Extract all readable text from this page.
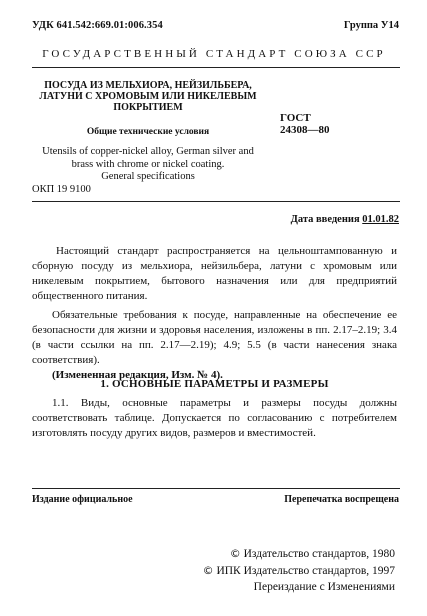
УДК 641.542:669.01:006.354	Группа У14
ГОСУДАРСТВЕННЫЙ СТАНДАРТ СОЮЗА ССР
ПОСУДА ИЗ МЕЛЬХИОРА, НЕЙЗИЛЬБЕРА,
ЛАТУНИ С ХРОМОВЫМ ИЛИ НИКЕЛЕВЫМ
ПОКРЫТИЕМ
ГОСТ
24308—80
Общие технические условия
Utensils of copper-nickel alloy, German silver and
brass with chrome or nickel coating.
General specifications
ОКП 19 9100
Дата введения 01.01.82

Настоящий стандарт распространяется на цельноштампованную и сборную посуду из мельхиора, нейзильбера, латуни с хромовым или никелевым покрытием, бытового назначения или для предприятий общественного питания.

Обязательные требования к посуде, направленные на обеспечение ее безопасности для жизни и здоровья населения, изложены в пп. 2.17–2.19; 3.4 (в части ссылки на пп. 2.17—2.19); 4.9; 5.5 (в части нанесения знака соответствия).

(Измененная редакция, Изм. № 4).

1. ОСНОВНЫЕ ПАРАМЕТРЫ И РАЗМЕРЫ

1.1. Виды, основные параметры и размеры посуды должны соответствовать таблице. Допускается по согласованию с потребителем изготовлять посуду других видов, размеров и вместимостей.

Издание официальное	Перепечатка воспрещена
© Издательство стандартов, 1980
© ИПК Издательство стандартов, 1997
Переиздание с Изменениями
